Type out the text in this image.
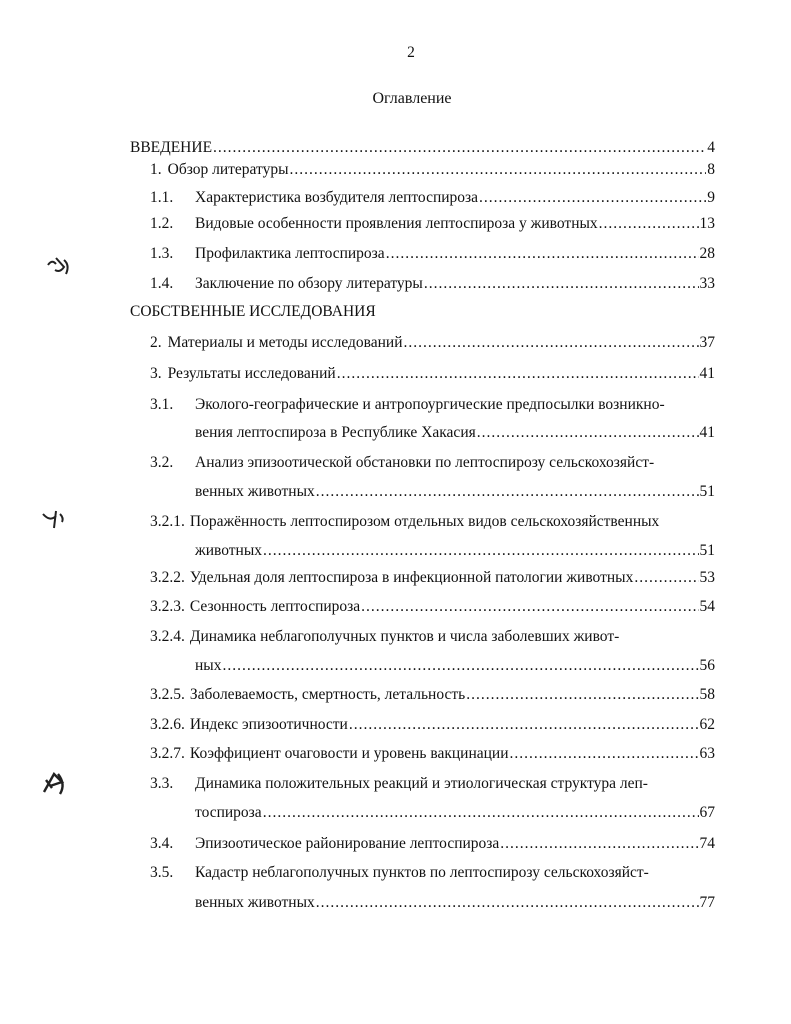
2
Оглавление
ВВЕДЕНИЕ .....	4
1. Обзор литературы .....	8
1.1.	Характеристика возбудителя лептоспироза .....	9
1.2.	Видовые особенности проявления лептоспироза у животных .....	13
1.3.	Профилактика лептоспироза .....	28
1.4.	Заключение по обзору литературы .....	33
СОБСТВЕННЫЕ ИССЛЕДОВАНИЯ
2. Материалы и методы исследований .....	37
3. Результаты исследований .....	41
3.1.	Эколого-географические и антропоургические предпосылки возникно-
вения лептоспироза в Республике Хакасия .....	41
3.2.	Анализ эпизоотической обстановки по лептоспирозу сельскохозяйст-
венных животных .....	51
3.2.1. Поражённость лептоспирозом отдельных видов сельскохозяйственных
животных .....	51
3.2.2. Удельная доля лептоспироза в инфекционной патологии животных .....	53
3.2.3. Сезонность лептоспироза .....	54
3.2.4. Динамика неблагополучных пунктов и числа заболевших живот-
ных .....	56
3.2.5. Заболеваемость, смертность, летальность .....	58
3.2.6. Индекс эпизоотичности .....	62
3.2.7. Коэффициент очаговости и уровень вакцинации .....	63
3.3.	Динамика положительных реакций и этиологическая структура леп-
тоспироза .....	67
3.4.	Эпизоотическое районирование лептоспироза .....	74
3.5.	Кадастр неблагополучных пунктов по лептоспирозу сельскохозяйст-
венных животных .....	77
